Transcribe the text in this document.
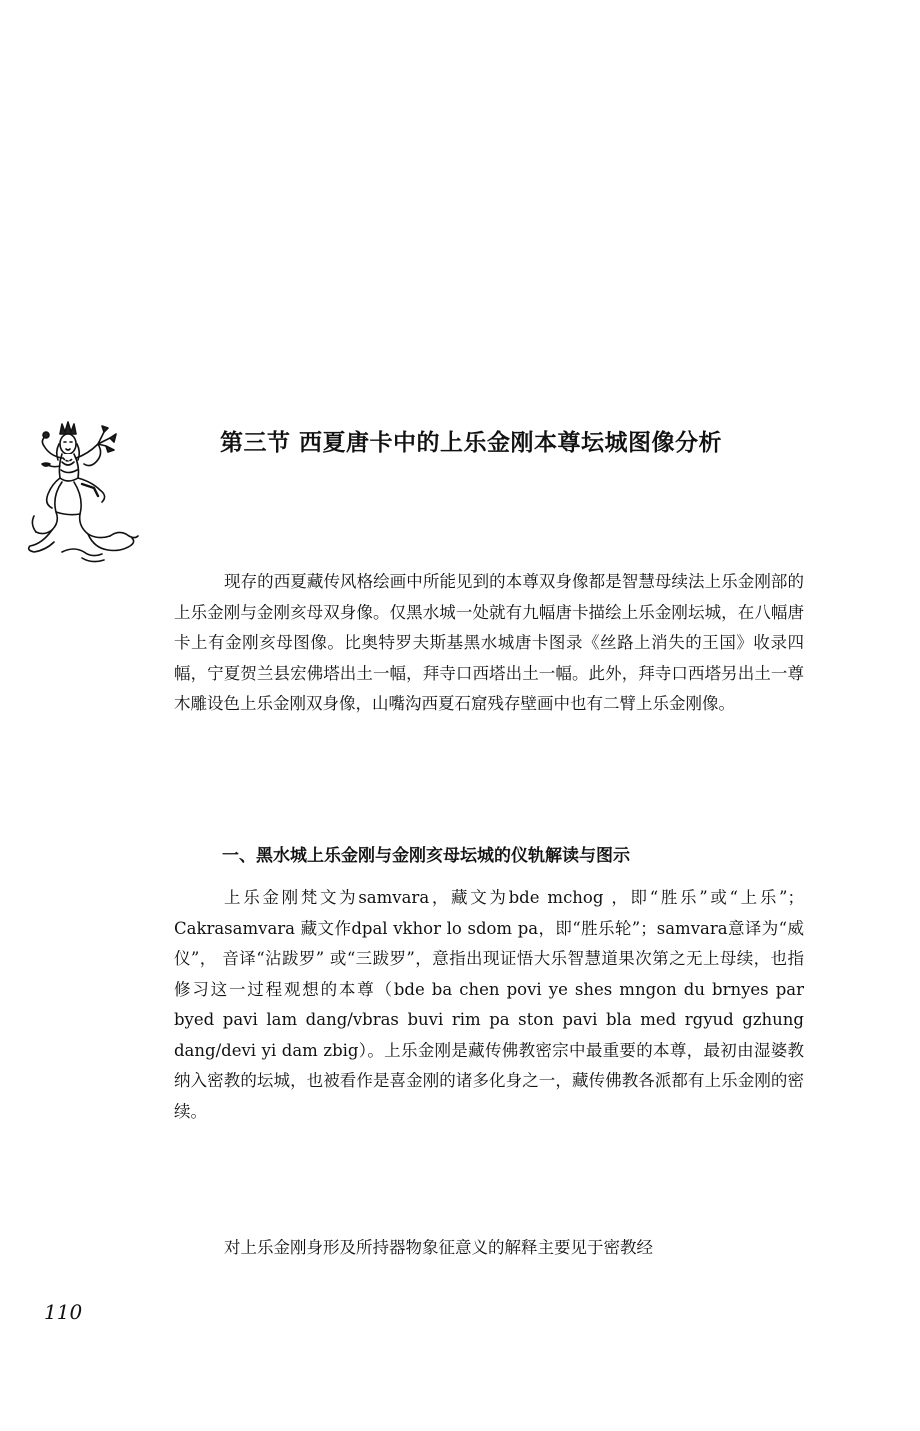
第三节 西夏唐卡中的上乐金刚本尊坛城图像分析

现存的西夏藏传风格绘画中所能见到的本尊双身像都是智慧母续法上乐金刚部的上乐金刚与金刚亥母双身像。仅黑水城一处就有九幅唐卡描绘上乐金刚坛城，在八幅唐卡上有金刚亥母图像。比奥特罗夫斯基黑水城唐卡图录《丝路上消失的王国》收录四幅，宁夏贺兰县宏佛塔出土一幅，拜寺口西塔出土一幅。此外，拜寺口西塔另出土一尊木雕设色上乐金刚双身像，山嘴沟西夏石窟残存壁画中也有二臂上乐金刚像。

一、黑水城上乐金刚与金刚亥母坛城的仪轨解读与图示

上乐金刚梵文为samvara，藏文为bde mchog ，即“胜乐”或“上乐”；Cakrasamvara 藏文作dpal vkhor lo sdom pa，即“胜乐轮”；samvara意译为“威仪”， 音译“沾跋罗” 或“三跋罗”，意指出现证悟大乐智慧道果次第之无上母续，也指修习这一过程观想的本尊（bde ba chen povi ye shes mngon du brnyes par byed pavi lam dang/vbras buvi rim pa ston pavi bla med rgyud gzhung dang/devi yi dam zbig）。上乐金刚是藏传佛教密宗中最重要的本尊，最初由湿婆教纳入密教的坛城，也被看作是喜金刚的诸多化身之一，藏传佛教各派都有上乐金刚的密续。

对上乐金刚身形及所持器物象征意义的解释主要见于密教经

110
